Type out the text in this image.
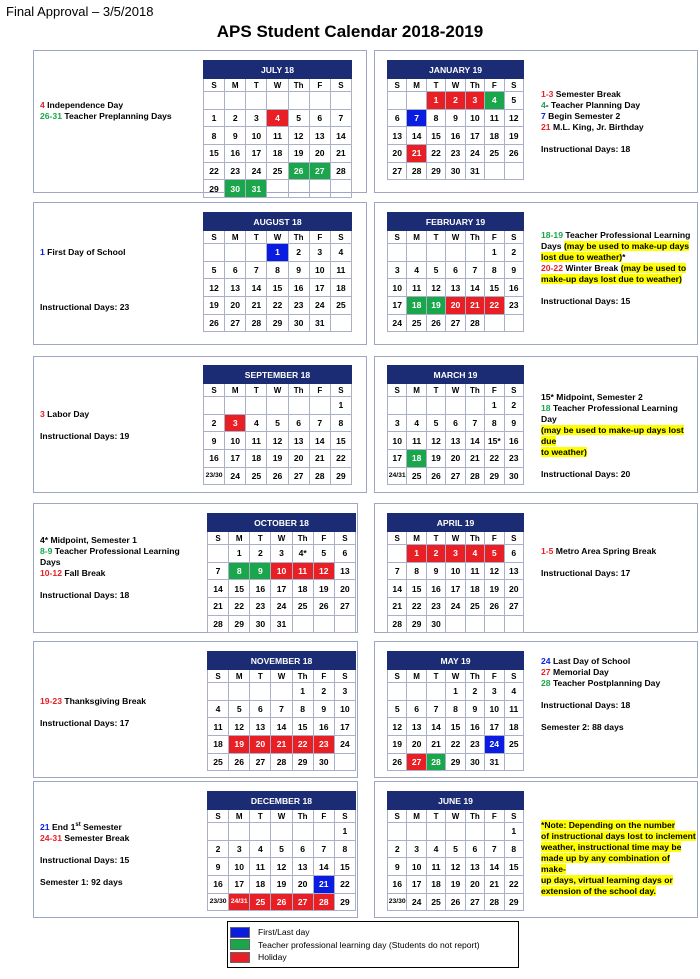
Final Approval – 3/5/2018
APS Student Calendar 2018-2019
JULY 18						
S	M	T	W	Th	F	S

1	2	3	4	5	6	7
8	9	10	11	12	13	14
15	16	17	18	19	20	21
22	23	24	25	26	27	28
29	30	31				
4 Independence Day
26-31 Teacher Preplanning Days
JANUARY 19						
S	M	T	W	Th	F	S
		1	2	3	4	5
6	7	8	9	10	11	12
13	14	15	16	17	18	19
20	21	22	23	24	25	26
27	28	29	30	31		
1-3 Semester Break
4- Teacher Planning Day
7 Begin Semester 2
21 M.L. King, Jr. Birthday
Instructional Days: 18
AUGUST 18						
S	M	T	W	Th	F	S
			1	2	3	4
5	6	7	8	9	10	11
12	13	14	15	16	17	18
19	20	21	22	23	24	25
26	27	28	29	30	31	
1 First Day of School
Instructional Days: 23
FEBRUARY 19						
S	M	T	W	Th	F	S
					1	2
3	4	5	6	7	8	9
10	11	12	13	14	15	16
17	18	19	20	21	22	23
24	25	26	27	28		
18-19 Teacher Professional Learning
Days (may be used to make-up days
lost due to weather)*
20-22 Winter Break (may be used to
make-up days lost due to weather)
Instructional Days: 15
SEPTEMBER 18						
S	M	T	W	Th	F	S
						1
2	3	4	5	6	7	8
9	10	11	12	13	14	15
16	17	18	19	20	21	22
23/30	24	25	26	27	28	29
3 Labor Day
Instructional Days: 19
MARCH 19						
S	M	T	W	Th	F	S
					1	2
3	4	5	6	7	8	9
10	11	12	13	14	15*	16
17	18	19	20	21	22	23
24/31	25	26	27	28	29	30
15* Midpoint, Semester 2
18 Teacher Professional Learning Day
(may be used to make-up days lost due
to weather)
Instructional Days: 20
OCTOBER 18						
S	M	T	W	Th	F	S
	1	2	3	4*	5	6
7	8	9	10	11	12	13
14	15	16	17	18	19	20
21	22	23	24	25	26	27
28	29	30	31			
4* Midpoint, Semester 1
8-9 Teacher Professional Learning
Days
10-12 Fall Break
Instructional Days: 18
APRIL 19						
S	M	T	W	Th	F	S
	1	2	3	4	5	6
7	8	9	10	11	12	13
14	15	16	17	18	19	20
21	22	23	24	25	26	27
28	29	30				
1-5 Metro Area Spring Break
Instructional Days: 17
NOVEMBER 18						
S	M	T	W	Th	F	S
				1	2	3
4	5	6	7	8	9	10
11	12	13	14	15	16	17
18	19	20	21	22	23	24
25	26	27	28	29	30	
19-23 Thanksgiving Break
Instructional Days: 17
MAY 19						
S	M	T	W	Th	F	S
			1	2	3	4
5	6	7	8	9	10	11
12	13	14	15	16	17	18
19	20	21	22	23	24	25
26	27	28	29	30	31	
24 Last Day of School
27 Memorial Day
28 Teacher Postplanning Day
Instructional Days: 18
Semester 2: 88 days
DECEMBER 18						
S	M	T	W	Th	F	S
						1
2	3	4	5	6	7	8
9	10	11	12	13	14	15
16	17	18	19	20	21	22
23/30	24/31	25	26	27	28	29
21 End 1st Semester
24-31 Semester Break
Instructional Days: 15
Semester 1: 92 days
JUNE 19						
S	M	T	W	Th	F	S
						1
2	3	4	5	6	7	8
9	10	11	12	13	14	15
16	17	18	19	20	21	22
23/30	24	25	26	27	28	29
*Note: Depending on the number
of instructional days lost to inclement
weather, instructional time may be
made up by any combination of make-
up days, virtual learning days or
extension of the school day.
First/Last day
Teacher professional learning day (Students do not report)
Holiday
